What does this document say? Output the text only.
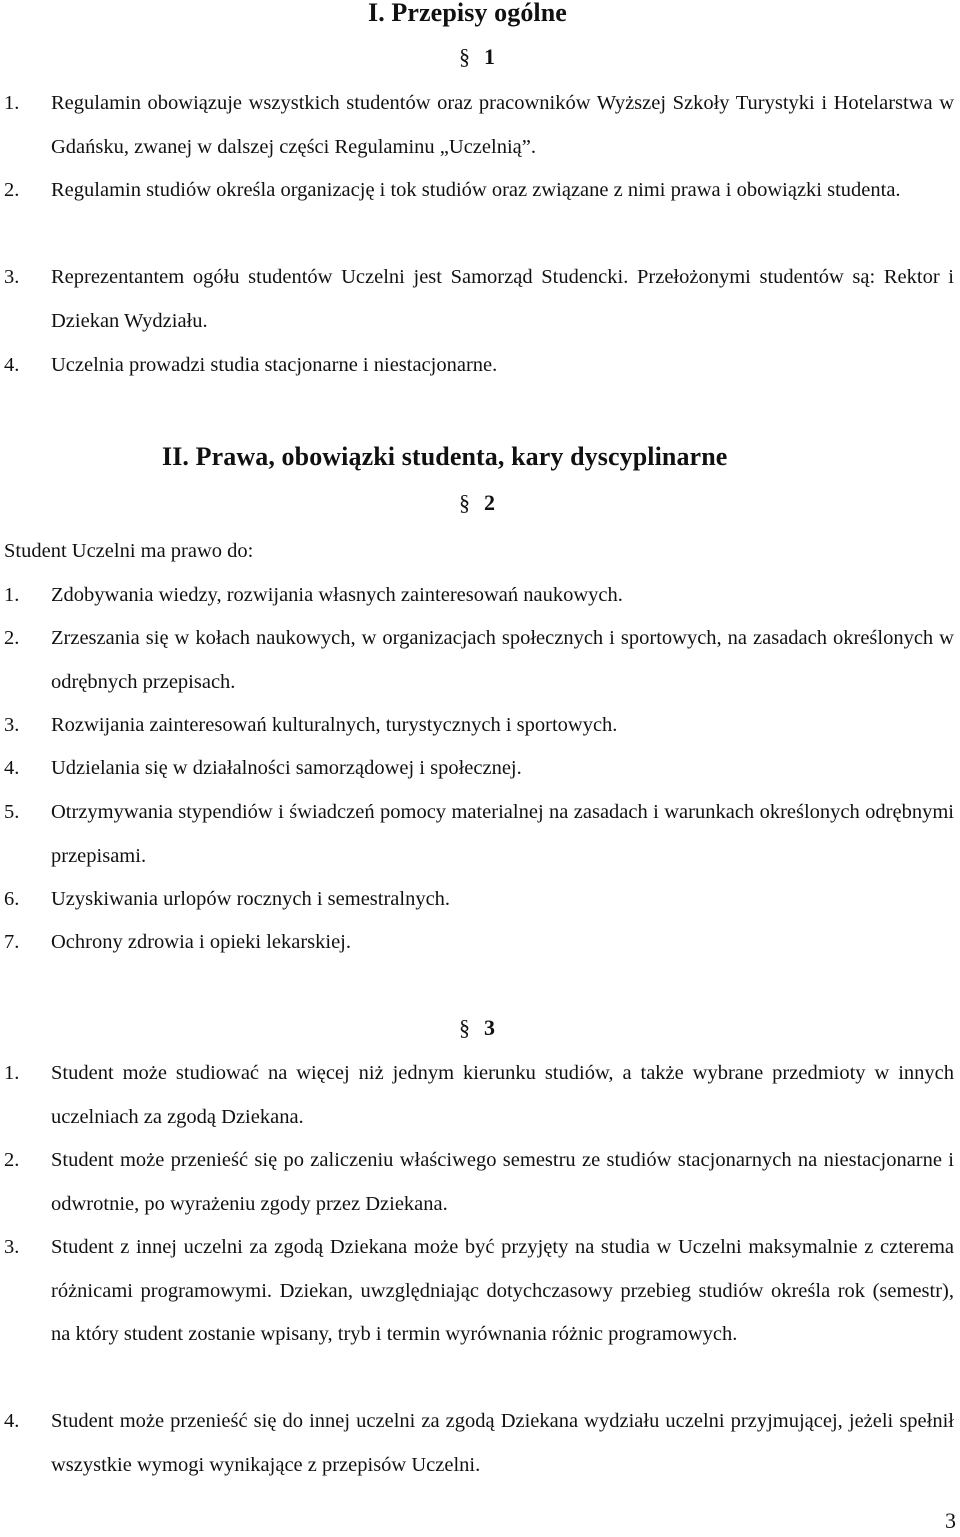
I. Przepisy ogólne
§ 1
1. Regulamin obowiązuje wszystkich studentów oraz pracowników Wyższej Szkoły Turystyki i Hotelarstwa w Gdańsku, zwanej w dalszej części Regulaminu „Uczelnią”.
2. Regulamin studiów określa organizację i tok studiów oraz związane z nimi prawa i obowiązki studenta.
3. Reprezentantem ogółu studentów Uczelni jest Samorząd Studencki. Przełożonymi studentów są: Rektor i Dziekan Wydziału.
4. Uczelnia prowadzi studia stacjonarne i niestacjonarne.
II. Prawa, obowiązki studenta, kary dyscyplinarne
§ 2
Student Uczelni ma prawo do:
1. Zdobywania wiedzy, rozwijania własnych zainteresowań naukowych.
2. Zrzeszania się w kołach naukowych, w organizacjach społecznych i sportowych, na zasadach określonych w odrębnych przepisach.
3. Rozwijania zainteresowań kulturalnych, turystycznych i sportowych.
4. Udzielania się w działalności samorządowej i społecznej.
5. Otrzymywania stypendiów i świadczeń pomocy materialnej na zasadach i warunkach określonych odrębnymi przepisami.
6. Uzyskiwania urlopów rocznych i semestralnych.
7. Ochrony zdrowia i opieki lekarskiej.
§ 3
1. Student może studiować na więcej niż jednym kierunku studiów, a także wybrane przedmioty w innych uczelniach za zgodą Dziekana.
2. Student może przenieść się po zaliczeniu właściwego semestru ze studiów stacjonarnych na niestacjonarne i odwrotnie, po wyrażeniu zgody przez Dziekana.
3. Student z innej uczelni za zgodą Dziekana może być przyjęty na studia w Uczelni maksymalnie z czterema różnicami programowymi. Dziekan, uwzględniając dotychczasowy przebieg studiów określa rok (semestr), na który student zostanie wpisany, tryb i termin wyrównania różnic programowych.
4. Student może przenieść się do innej uczelni za zgodą Dziekana wydziału uczelni przyjmującej, jeżeli spełnił wszystkie wymogi wynikające z przepisów Uczelni.
3
